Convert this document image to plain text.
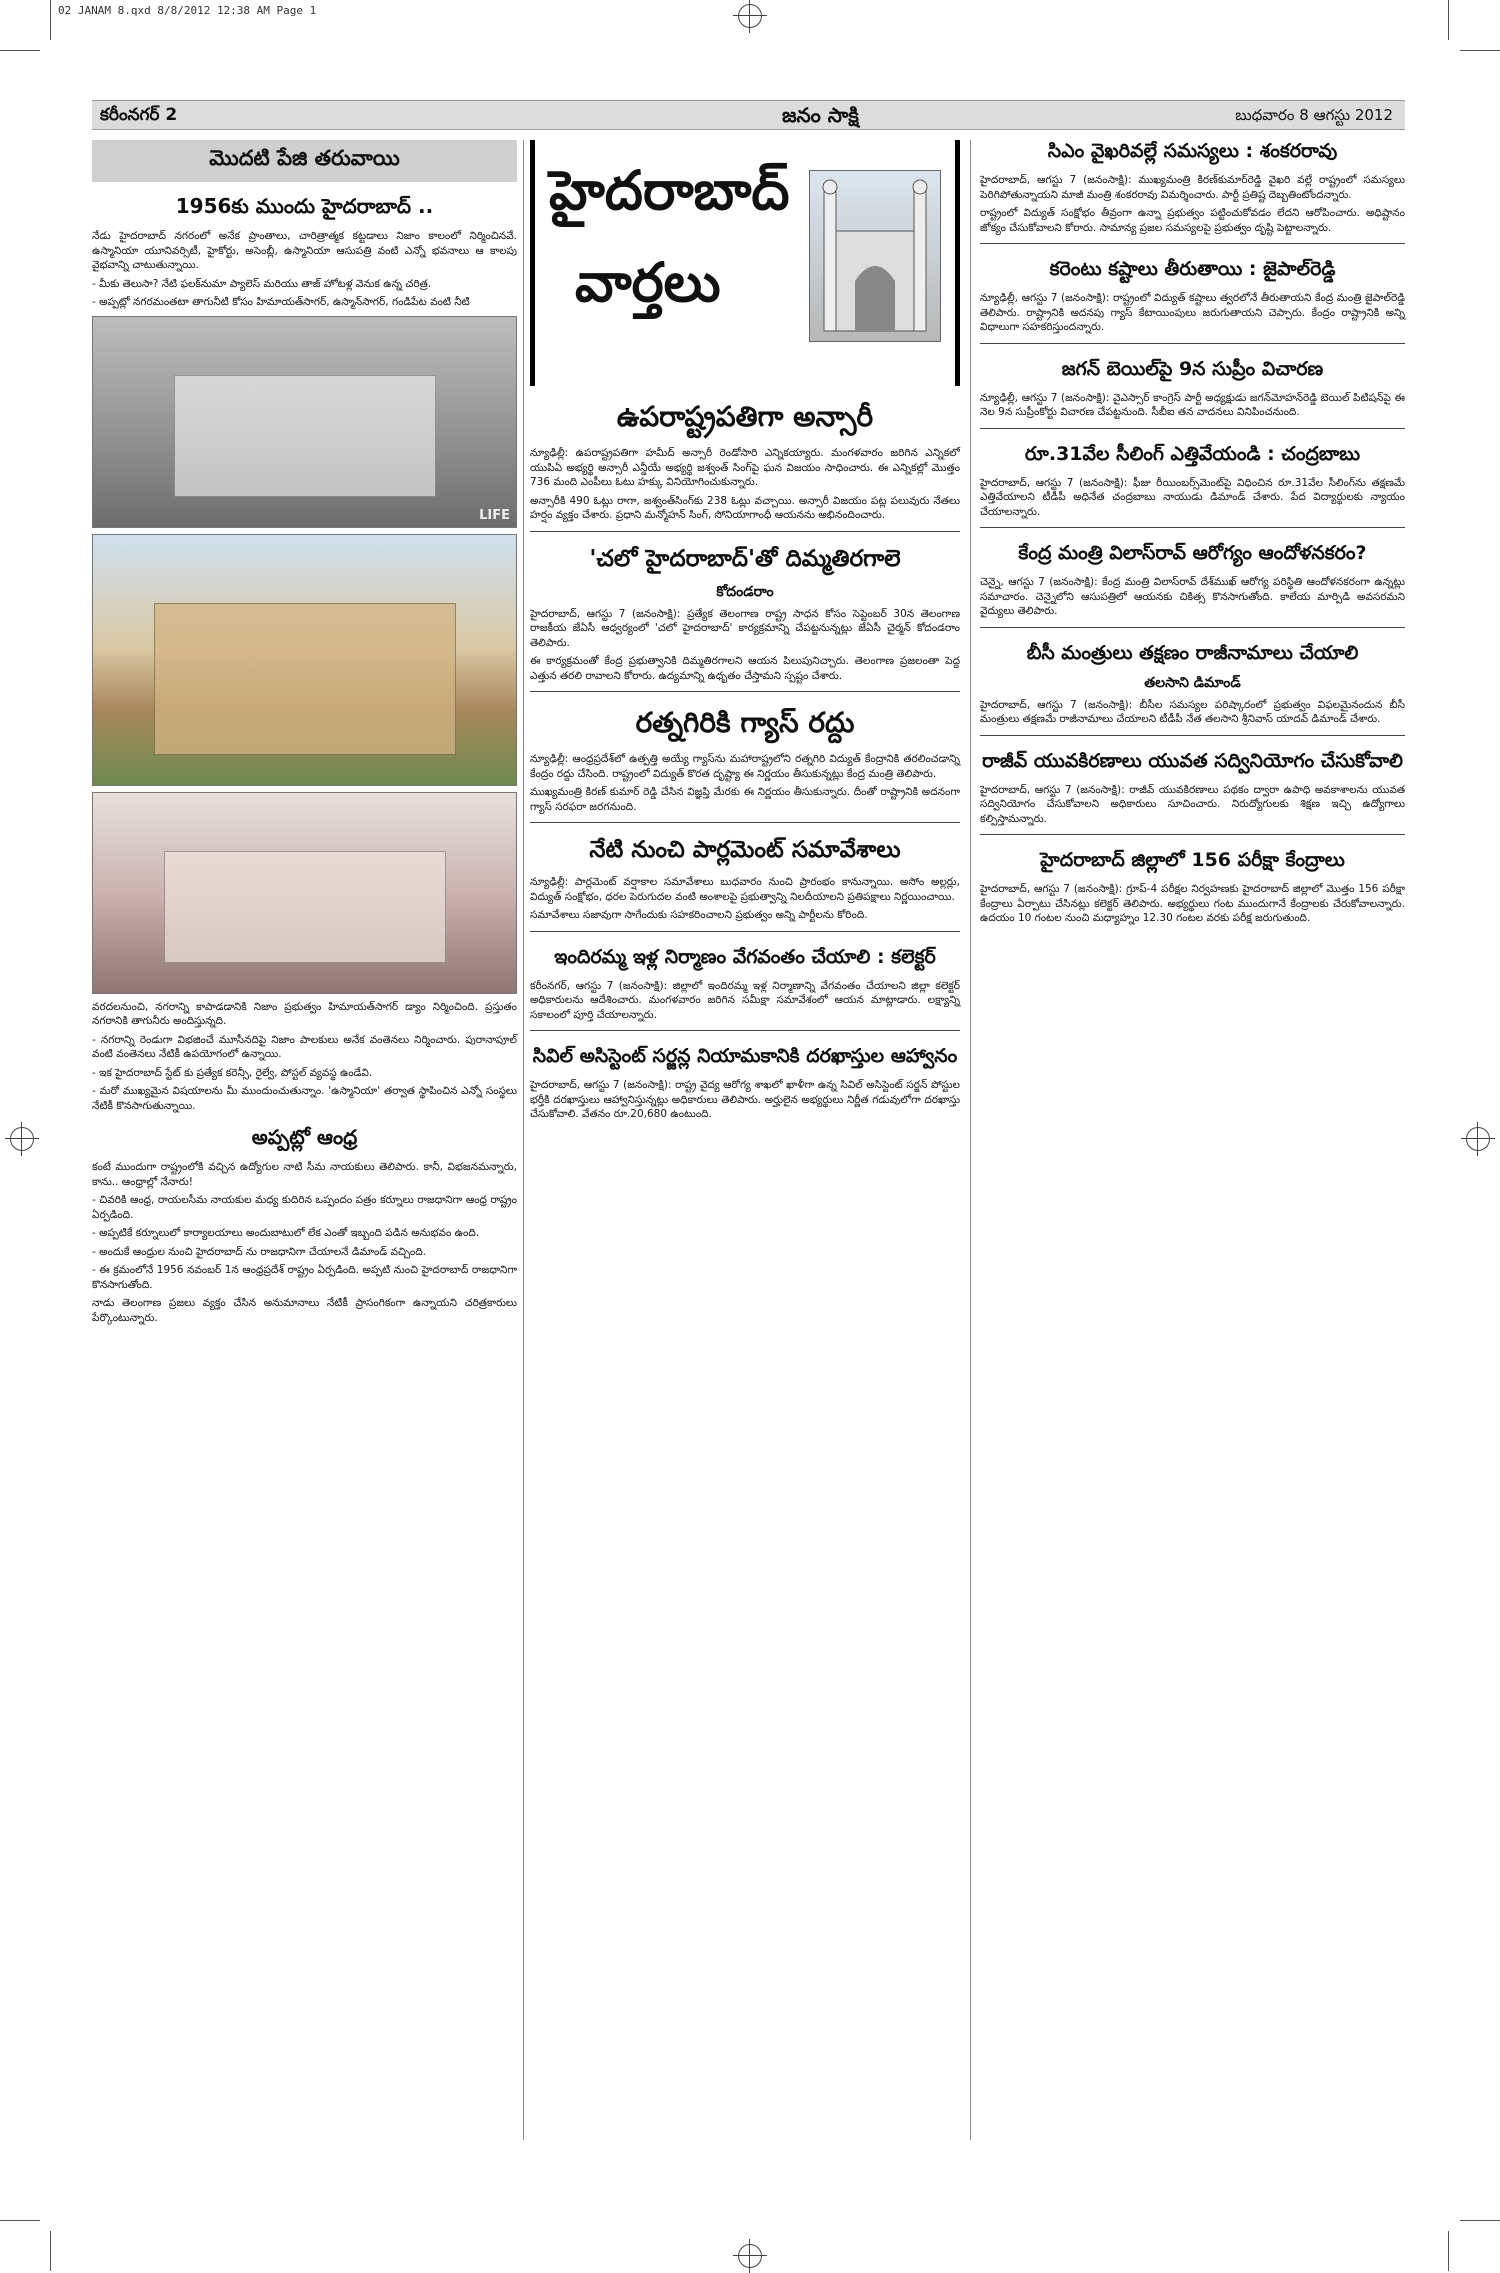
02 JANAM 8.qxd 8/8/2012 12:38 AM Page 1
కరీంనగర్ 2	జనం సాక్షి	బుధవారం 8 ఆగస్టు 2012
మొదటి పేజి తరువాయి
1956కు ముందు హైదరాబాద్ ..

నేడు హైదరాబాద్ నగరంలో అనేక ప్రాంతాలు, చారిత్రాత్మక కట్టడాలు నిజాం కాలంలో నిర్మించినవే. ఉస్మానియా యూనివర్సిటీ, హైకోర్టు, అసెంబ్లీ, ఉస్మానియా ఆసుపత్రి వంటి ఎన్నో భవనాలు ఆ కాలపు వైభవాన్ని చాటుతున్నాయి.

- మీకు తెలుసా? నేటి ఫలక్‌నుమా ప్యాలెస్ మరియు తాజ్ హోటళ్ల వెనుక ఉన్న చరిత్ర.

- అప్పట్లో నగరమంతటా తాగునీటి కోసం హిమాయత్‌సాగర్, ఉస్మాన్‌సాగర్, గండిపేట వంటి నీటి

LIFE

వరదలనుంచి, నగరాన్ని కాపాడడానికి నిజాం ప్రభుత్వం హిమాయత్‌సాగర్ డ్యాం నిర్మించింది. ప్రస్తుతం నగరానికి తాగునీరు అందిస్తున్నది.

- నగరాన్ని రెండుగా విభజించే మూసీనదిపై నిజాం పాలకులు అనేక వంతెనలు నిర్మించారు. పురానాపూల్ వంటి వంతెనలు నేటికీ ఉపయోగంలో ఉన్నాయి.

- ఇక హైదరాబాద్ స్టేట్ కు ప్రత్యేక కరెన్సీ, రైల్వే, పోస్టల్ వ్యవస్థ ఉండేవి.

- మరో ముఖ్యమైన విషయాలను మీ ముందుంచుతున్నాం. 'ఉస్మానియా' తర్వాత స్థాపించిన ఎన్నో సంస్థలు నేటికీ కొనసాగుతున్నాయి.

అప్పట్లో ఆంధ్ర

కంటే ముందుగా రాష్ట్రంలోకి వచ్చిన ఉద్యోగుల నాటి సీమ నాయకులు తెలిపారు. కానీ, విభజనమన్నారు, కాను.. ఆంధ్రాల్లో నేనారు!

- చివరికి ఆంధ్ర, రాయలసీమ నాయకుల మధ్య కుదిరిన ఒప్పందం పత్రం కర్నూలు రాజధానిగా ఆంధ్ర రాష్ట్రం ఏర్పడింది.

- అప్పటికే కర్నూలులో కార్యాలయాలు అందుబాటులో లేక ఎంతో ఇబ్బంది పడిన అనుభవం ఉంది.

- అందుకే ఆంధ్రుల నుంచి హైదరాబాద్ ను రాజధానిగా చేయాలనే డిమాండ్ వచ్చింది.

- ఈ క్రమంలోనే 1956 నవంబర్ 1న ఆంధ్రప్రదేశ్ రాష్ట్రం ఏర్పడింది. అప్పటి నుంచి హైదరాబాద్ రాజధానిగా కొనసాగుతోంది.

నాడు తెలంగాణ ప్రజలు వ్యక్తం చేసిన అనుమానాలు నేటికీ ప్రాసంగికంగా ఉన్నాయని చరిత్రకారులు పేర్కొంటున్నారు.

హైదరాబాద్
వార్తలు
ఉపరాష్ట్రపతిగా అన్సారీ

న్యూఢిల్లీ: ఉపరాష్ట్రపతిగా హమీద్ అన్సారీ రెండోసారి ఎన్నికయ్యారు. మంగళవారం జరిగిన ఎన్నికలో యుపిఏ అభ్యర్థి అన్సారీ ఎన్డీయే అభ్యర్థి జశ్వంత్ సింగ్‌పై ఘన విజయం సాధించారు. ఈ ఎన్నికల్లో మొత్తం 736 మంది ఎంపీలు ఓటు హక్కు వినియోగించుకున్నారు.

అన్సారీకి 490 ఓట్లు రాగా, జశ్వంత్‌సింగ్‌కు 238 ఓట్లు వచ్చాయి. అన్సారీ విజయం పట్ల పలువురు నేతలు హర్షం వ్యక్తం చేశారు. ప్రధాని మన్మోహన్ సింగ్, సోనియాగాంధీ ఆయనను అభినందించారు.

'చలో హైదరాబాద్'తో దిమ్మతిరగాలె
కోదండరాం

హైదరాబాద్, ఆగస్టు 7 (జనంసాక్షి): ప్రత్యేక తెలంగాణ రాష్ట్ర సాధన కోసం సెప్టెంబర్ 30న తెలంగాణ రాజకీయ జేఏసీ ఆధ్వర్యంలో 'చలో హైదరాబాద్' కార్యక్రమాన్ని చేపట్టనున్నట్లు జేఏసీ చైర్మన్ కోదండరాం తెలిపారు.

ఈ కార్యక్రమంతో కేంద్ర ప్రభుత్వానికి దిమ్మతిరగాలని ఆయన పిలుపునిచ్చారు. తెలంగాణ ప్రజలంతా పెద్ద ఎత్తున తరలి రావాలని కోరారు. ఉద్యమాన్ని ఉధృతం చేస్తామని స్పష్టం చేశారు.

రత్నగిరికి గ్యాస్ రద్దు

న్యూఢిల్లీ: ఆంధ్రప్రదేశ్‌లో ఉత్పత్తి అయ్యే గ్యాస్‌ను మహారాష్ట్రలోని రత్నగిరి విద్యుత్ కేంద్రానికి తరలించడాన్ని కేంద్రం రద్దు చేసింది. రాష్ట్రంలో విద్యుత్ కొరత దృష్ట్యా ఈ నిర్ణయం తీసుకున్నట్లు కేంద్ర మంత్రి తెలిపారు.

ముఖ్యమంత్రి కిరణ్ కుమార్ రెడ్డి చేసిన విజ్ఞప్తి మేరకు ఈ నిర్ణయం తీసుకున్నారు. దీంతో రాష్ట్రానికి అదనంగా గ్యాస్ సరఫరా జరగనుంది.

నేటి నుంచి పార్లమెంట్ సమావేశాలు

న్యూఢిల్లీ: పార్లమెంట్ వర్షాకాల సమావేశాలు బుధవారం నుంచి ప్రారంభం కానున్నాయి. అసోం అల్లర్లు, విద్యుత్ సంక్షోభం, ధరల పెరుగుదల వంటి అంశాలపై ప్రభుత్వాన్ని నిలదీయాలని ప్రతిపక్షాలు నిర్ణయించాయి.

సమావేశాలు సజావుగా సాగేందుకు సహకరించాలని ప్రభుత్వం అన్ని పార్టీలను కోరింది.

ఇందిరమ్మ ఇళ్ల నిర్మాణం వేగవంతం చేయాలి : కలెక్టర్

కరీంనగర్, ఆగస్టు 7 (జనంసాక్షి): జిల్లాలో ఇందిరమ్మ ఇళ్ల నిర్మాణాన్ని వేగవంతం చేయాలని జిల్లా కలెక్టర్ అధికారులను ఆదేశించారు. మంగళవారం జరిగిన సమీక్షా సమావేశంలో ఆయన మాట్లాడారు. లక్ష్యాన్ని సకాలంలో పూర్తి చేయాలన్నారు.

సివిల్ అసిస్టెంట్ సర్జన్ల నియామకానికి దరఖాస్తుల ఆహ్వానం

హైదరాబాద్, ఆగస్టు 7 (జనంసాక్షి): రాష్ట్ర వైద్య ఆరోగ్య శాఖలో ఖాళీగా ఉన్న సివిల్ అసిస్టెంట్ సర్జన్ పోస్టుల భర్తీకి దరఖాస్తులు ఆహ్వానిస్తున్నట్లు అధికారులు తెలిపారు. అర్హులైన అభ్యర్థులు నిర్ణీత గడువులోగా దరఖాస్తు చేసుకోవాలి. వేతనం రూ.20,680 ఉంటుంది.

సిఎం వైఖరివల్లే సమస్యలు : శంకరరావు

హైదరాబాద్, ఆగస్టు 7 (జనంసాక్షి): ముఖ్యమంత్రి కిరణ్‌కుమార్‌రెడ్డి వైఖరి వల్లే రాష్ట్రంలో సమస్యలు పెరిగిపోతున్నాయని మాజీ మంత్రి శంకరరావు విమర్శించారు. పార్టీ ప్రతిష్ట దెబ్బతింటోందన్నారు.

రాష్ట్రంలో విద్యుత్ సంక్షోభం తీవ్రంగా ఉన్నా ప్రభుత్వం పట్టించుకోవడం లేదని ఆరోపించారు. అధిష్టానం జోక్యం చేసుకోవాలని కోరారు. సామాన్య ప్రజల సమస్యలపై ప్రభుత్వం దృష్టి పెట్టాలన్నారు.

కరెంటు కష్టాలు తీరుతాయి : జైపాల్‌రెడ్డి

న్యూఢిల్లీ, ఆగస్టు 7 (జనంసాక్షి): రాష్ట్రంలో విద్యుత్ కష్టాలు త్వరలోనే తీరుతాయని కేంద్ర మంత్రి జైపాల్‌రెడ్డి తెలిపారు. రాష్ట్రానికి అదనపు గ్యాస్ కేటాయింపులు జరుగుతాయని చెప్పారు. కేంద్రం రాష్ట్రానికి అన్ని విధాలుగా సహకరిస్తుందన్నారు.

జగన్ బెయిల్‌పై 9న సుప్రీం విచారణ

న్యూఢిల్లీ, ఆగస్టు 7 (జనంసాక్షి): వైఎస్సార్ కాంగ్రెస్ పార్టీ అధ్యక్షుడు జగన్‌మోహన్‌రెడ్డి బెయిల్ పిటిషన్‌పై ఈ నెల 9న సుప్రీంకోర్టు విచారణ చేపట్టనుంది. సీబీఐ తన వాదనలు వినిపించనుంది.

రూ.31వేల సీలింగ్ ఎత్తివేయండి : చంద్రబాబు

హైదరాబాద్, ఆగస్టు 7 (జనంసాక్షి): ఫీజు రీయింబర్స్‌మెంట్‌పై విధించిన రూ.31వేల సీలింగ్‌ను తక్షణమే ఎత్తివేయాలని టీడీపీ అధినేత చంద్రబాబు నాయుడు డిమాండ్ చేశారు. పేద విద్యార్థులకు న్యాయం చేయాలన్నారు.

కేంద్ర మంత్రి విలాస్‌రావ్ ఆరోగ్యం ఆందోళనకరం?

చెన్నై, ఆగస్టు 7 (జనంసాక్షి): కేంద్ర మంత్రి విలాస్‌రావ్ దేశ్‌ముఖ్ ఆరోగ్య పరిస్థితి ఆందోళనకరంగా ఉన్నట్లు సమాచారం. చెన్నైలోని ఆసుపత్రిలో ఆయనకు చికిత్స కొనసాగుతోంది. కాలేయ మార్పిడి అవసరమని వైద్యులు తెలిపారు.

బీసీ మంత్రులు తక్షణం రాజీనామాలు చేయాలి
తలసాని డిమాండ్

హైదరాబాద్, ఆగస్టు 7 (జనంసాక్షి): బీసీల సమస్యల పరిష్కారంలో ప్రభుత్వం విఫలమైనందున బీసీ మంత్రులు తక్షణమే రాజీనామాలు చేయాలని టీడీపీ నేత తలసాని శ్రీనివాస్ యాదవ్ డిమాండ్ చేశారు.

రాజీవ్ యువకిరణాలు యువత సద్వినియోగం చేసుకోవాలి

హైదరాబాద్, ఆగస్టు 7 (జనంసాక్షి): రాజీవ్ యువకిరణాలు పథకం ద్వారా ఉపాధి అవకాశాలను యువత సద్వినియోగం చేసుకోవాలని అధికారులు సూచించారు. నిరుద్యోగులకు శిక్షణ ఇచ్చి ఉద్యోగాలు కల్పిస్తామన్నారు.

హైదరాబాద్ జిల్లాలో 156 పరీక్షా కేంద్రాలు

హైదరాబాద్, ఆగస్టు 7 (జనంసాక్షి): గ్రూప్-4 పరీక్షల నిర్వహణకు హైదరాబాద్ జిల్లాలో మొత్తం 156 పరీక్షా కేంద్రాలు ఏర్పాటు చేసినట్లు కలెక్టర్ తెలిపారు. అభ్యర్థులు గంట ముందుగానే కేంద్రాలకు చేరుకోవాలన్నారు. ఉదయం 10 గంటల నుంచి మధ్యాహ్నం 12.30 గంటల వరకు పరీక్ష జరుగుతుంది.
